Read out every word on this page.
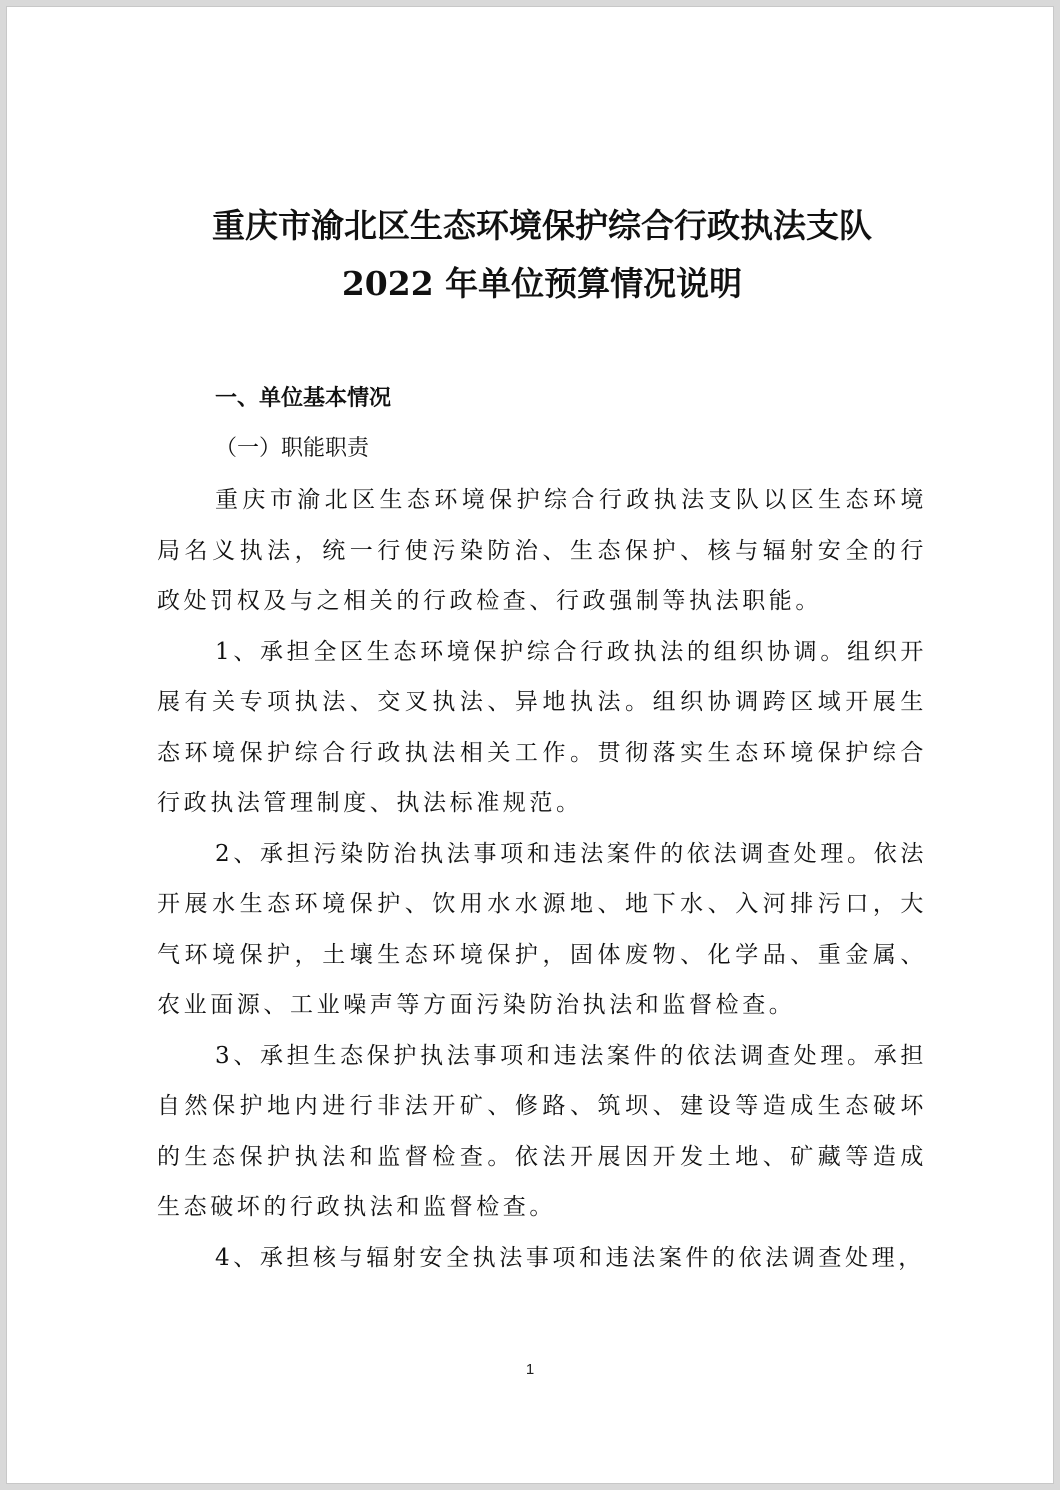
重庆市渝北区生态环境保护综合行政执法支队
2022 年单位预算情况说明

一、单位基本情况

（一）职能职责

重庆市渝北区生态环境保护综合行政执法支队以区生态环境局名义执法，统一行使污染防治、生态保护、核与辐射安全的行政处罚权及与之相关的行政检查、行政强制等执法职能。

1、承担全区生态环境保护综合行政执法的组织协调。组织开展有关专项执法、交叉执法、异地执法。组织协调跨区域开展生态环境保护综合行政执法相关工作。贯彻落实生态环境保护综合行政执法管理制度、执法标准规范。

2、承担污染防治执法事项和违法案件的依法调查处理。依法开展水生态环境保护、饮用水水源地、地下水、入河排污口，大气环境保护，土壤生态环境保护，固体废物、化学品、重金属、农业面源、工业噪声等方面污染防治执法和监督检查。

3、承担生态保护执法事项和违法案件的依法调查处理。承担自然保护地内进行非法开矿、修路、筑坝、建设等造成生态破坏的生态保护执法和监督检查。依法开展因开发土地、矿藏等造成生态破坏的行政执法和监督检查。

4、承担核与辐射安全执法事项和违法案件的依法调查处理，

1
